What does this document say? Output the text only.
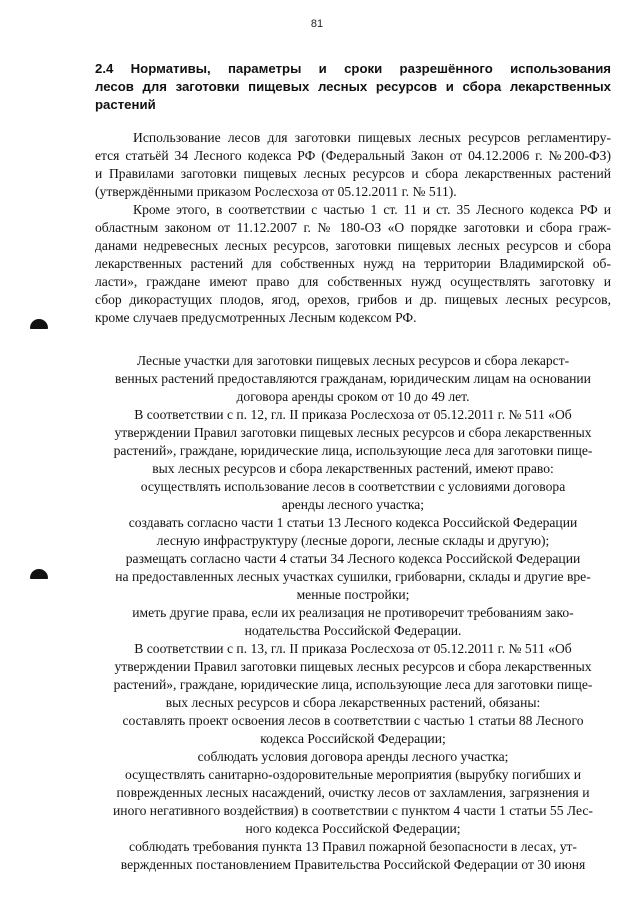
81
2.4 Нормативы, параметры и сроки разрешённого использования
лесов для заготовки пищевых лесных ресурсов и сбора лекарственных
растений
Использование лесов для заготовки пищевых лесных ресурсов регламентиру-
ется статьёй 34 Лесного кодекса РФ (Федеральный Закон от 04.12.2006 г. №200-ФЗ)
и Правилами заготовки пищевых лесных ресурсов и сбора лекарственных растений
(утверждёнными приказом Рослесхоза от 05.12.2011 г. № 511).
Кроме этого, в соответствии с частью 1 ст. 11 и ст. 35 Лесного кодекса РФ и
областным законом от 11.12.2007 г. № 180-ОЗ «О порядке заготовки и сбора граж-
данами недревесных лесных ресурсов, заготовки пищевых лесных ресурсов и сбора
лекарственных растений для собственных нужд на территории Владимирской об-
ласти», граждане имеют право для собственных нужд осуществлять заготовку и
сбор дикорастущих плодов, ягод, орехов, грибов и др. пищевых лесных ресурсов,
кроме случаев предусмотренных Лесным кодексом РФ.
Лесные участки для заготовки пищевых лесных ресурсов и сбора лекарст-
венных растений предоставляются гражданам, юридическим лицам на основании
договора аренды сроком от 10 до 49 лет.
В соответствии с п. 12, гл. II приказа Рослесхоза от 05.12.2011 г. № 511 «Об
утверждении Правил заготовки пищевых лесных ресурсов и сбора лекарственных
растений», граждане, юридические лица, использующие леса для заготовки пище-
вых лесных ресурсов и сбора лекарственных растений, имеют право:
осуществлять использование лесов в соответствии с условиями договора
аренды лесного участка;
создавать согласно части 1 статьи 13 Лесного кодекса Российской Федерации
лесную инфраструктуру (лесные дороги, лесные склады и другую);
размещать согласно части 4 статьи 34 Лесного кодекса Российской Федерации
на предоставленных лесных участках сушилки, грибоварни, склады и другие вре-
менные постройки;
иметь другие права, если их реализация не противоречит требованиям зако-
нодательства Российской Федерации.
В соответствии с п. 13, гл. II приказа Рослесхоза от 05.12.2011 г. № 511 «Об
утверждении Правил заготовки пищевых лесных ресурсов и сбора лекарственных
растений», граждане, юридические лица, использующие леса для заготовки пище-
вых лесных ресурсов и сбора лекарственных растений, обязаны:
составлять проект освоения лесов в соответствии с частью 1 статьи 88 Лесного
кодекса Российской Федерации;
соблюдать условия договора аренды лесного участка;
осуществлять санитарно-оздоровительные мероприятия (вырубку погибших и
поврежденных лесных насаждений, очистку лесов от захламления, загрязнения и
иного негативного воздействия) в соответствии с пунктом 4 части 1 статьи 55 Лес-
ного кодекса Российской Федерации;
соблюдать требования пункта 13 Правил пожарной безопасности в лесах, ут-
вержденных постановлением Правительства Российской Федерации от 30 июня
